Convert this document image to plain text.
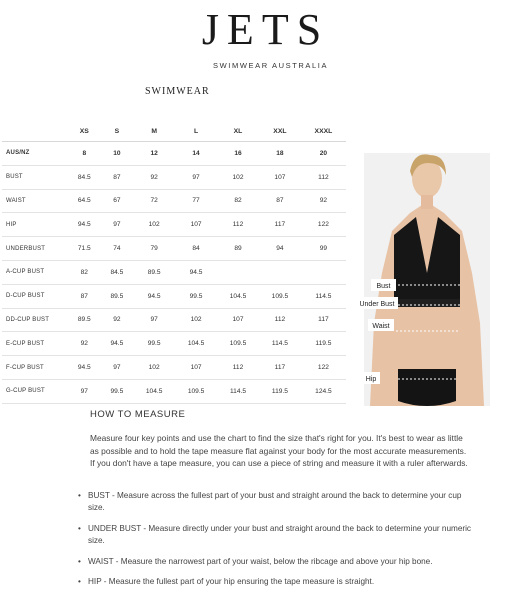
JETS
SWIMWEAR AUSTRALIA
SWIMWEAR
	XS	S	M	L	XL	XXL	XXXL
AUS/NZ	8	10	12	14	16	18	20
BUST	84.5	87	92	97	102	107	112
WAIST	64.5	67	72	77	82	87	92
HIP	94.5	97	102	107	112	117	122
UNDERBUST	71.5	74	79	84	89	94	99
A-CUP BUST	82	84.5	89.5	94.5			
D-CUP BUST	87	89.5	94.5	99.5	104.5	109.5	114.5
DD-CUP BUST	89.5	92	97	102	107	112	117
E-CUP BUST	92	94.5	99.5	104.5	109.5	114.5	119.5
F-CUP BUST	94.5	97	102	107	112	117	122
G-CUP BUST	97	99.5	104.5	109.5	114.5	119.5	124.5
Bust
Under Bust
Waist
Hip
HOW TO MEASURE
Measure four key points and use the chart to find the size that's right for you. It's best to wear as little as possible and to hold the tape measure flat against your body for the most accurate measurements. If you don't have a tape measure, you can use a piece of string and measure it with a ruler afterwards.
• BUST - Measure across the fullest part of your bust and straight around the back to determine your cup size.
• UNDER BUST - Measure directly under your bust and straight around the back to determine your numeric size.
• WAIST - Measure the narrowest part of your waist, below the ribcage and above your hip bone.
• HIP - Measure the fullest part of your hip ensuring the tape measure is straight.
